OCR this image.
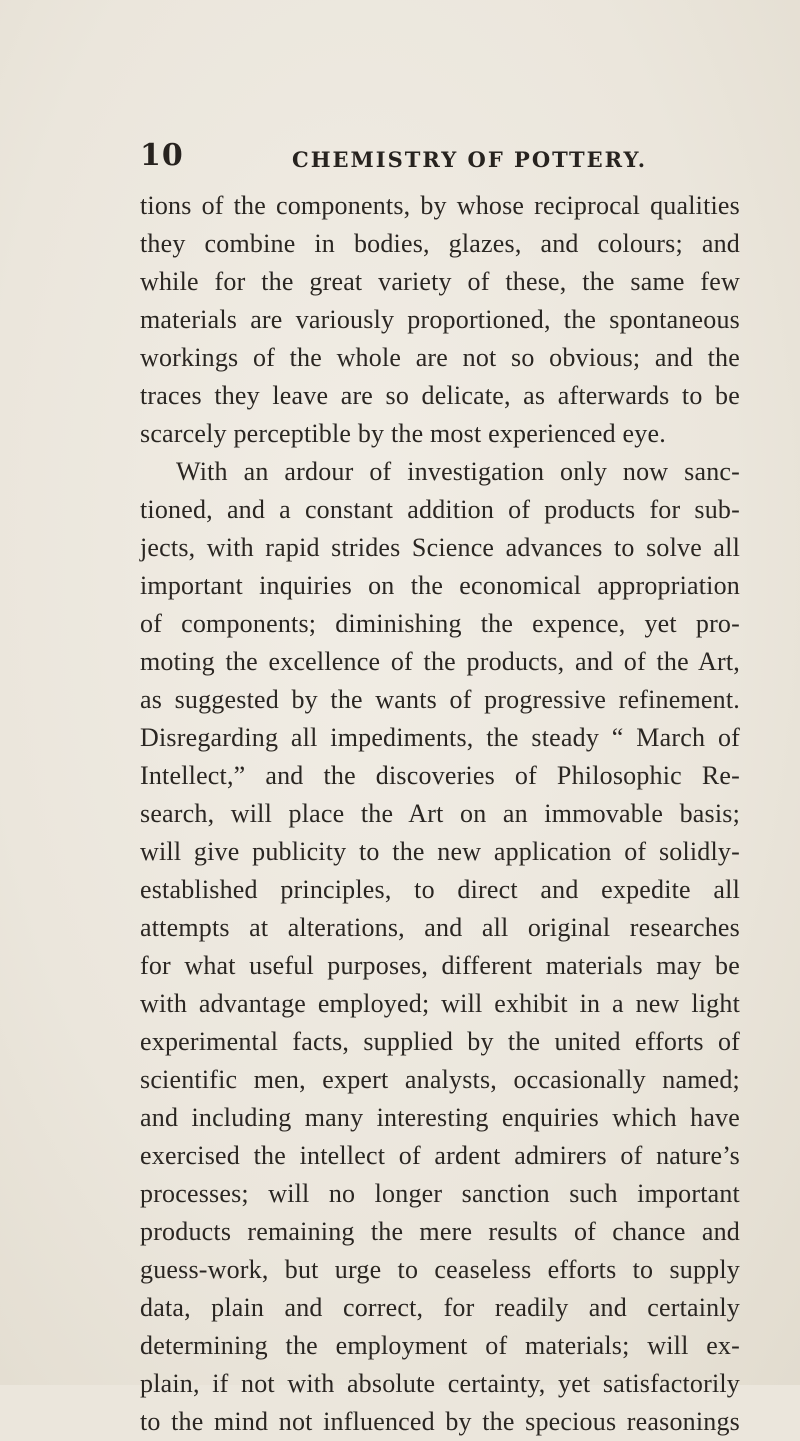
10	CHEMISTRY OF POTTERY.
tions of the components, by whose reciprocal qualities
they combine in bodies, glazes, and colours; and
while for the great variety of these, the same few
materials are variously proportioned, the spontaneous
workings of the whole are not so obvious; and the
traces they leave are so delicate, as afterwards to be
scarcely perceptible by the most experienced eye.
With an ardour of investigation only now sanc-
tioned, and a constant addition of products for sub-
jects, with rapid strides Science advances to solve all
important inquiries on the economical appropriation
of components; diminishing the expence, yet pro-
moting the excellence of the products, and of the Art,
as suggested by the wants of progressive refinement.
Disregarding all impediments, the steady “ March of
Intellect,” and the discoveries of Philosophic Re-
search, will place the Art on an immovable basis;
will give publicity to the new application of solidly-
established principles, to direct and expedite all
attempts at alterations, and all original researches
for what useful purposes, different materials may be
with advantage employed; will exhibit in a new light
experimental facts, supplied by the united efforts of
scientific men, expert analysts, occasionally named;
and including many interesting enquiries which have
exercised the intellect of ardent admirers of nature’s
processes; will no longer sanction such important
products remaining the mere results of chance and
guess-work, but urge to ceaseless efforts to supply
data, plain and correct, for readily and certainly
determining the employment of materials; will ex-
plain, if not with absolute certainty, yet satisfactorily
to the mind not influenced by the specious reasonings
